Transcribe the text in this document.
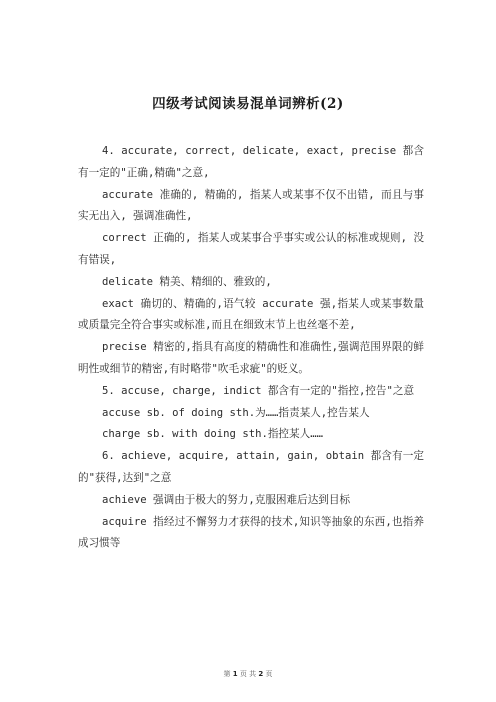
四级考试阅读易混单词辨析(2)

4. accurate, correct, delicate, exact, precise 都含有一定的"正确,精确"之意,

accurate 准确的, 精确的, 指某人或某事不仅不出错, 而且与事实无出入, 强调准确性,

correct 正确的, 指某人或某事合乎事实或公认的标准或规则, 没有错误,

delicate 精美、精细的、雅致的,

exact 确切的、精确的,语气较 accurate 强,指某人或某事数量或质量完全符合事实或标准,而且在细致末节上也丝毫不差,

precise 精密的,指具有高度的精确性和准确性,强调范围界限的鲜明性或细节的精密,有时略带"吹毛求疵"的贬义。

5. accuse, charge, indict 都含有一定的"指控,控告"之意

accuse sb. of doing sth.为……指责某人,控告某人

charge sb. with doing sth.指控某人……

6. achieve, acquire, attain, gain, obtain 都含有一定的"获得,达到"之意

achieve 强调由于极大的努力,克服困难后达到目标

acquire 指经过不懈努力才获得的技术,知识等抽象的东西,也指养成习惯等

第 1 页 共 2 页
